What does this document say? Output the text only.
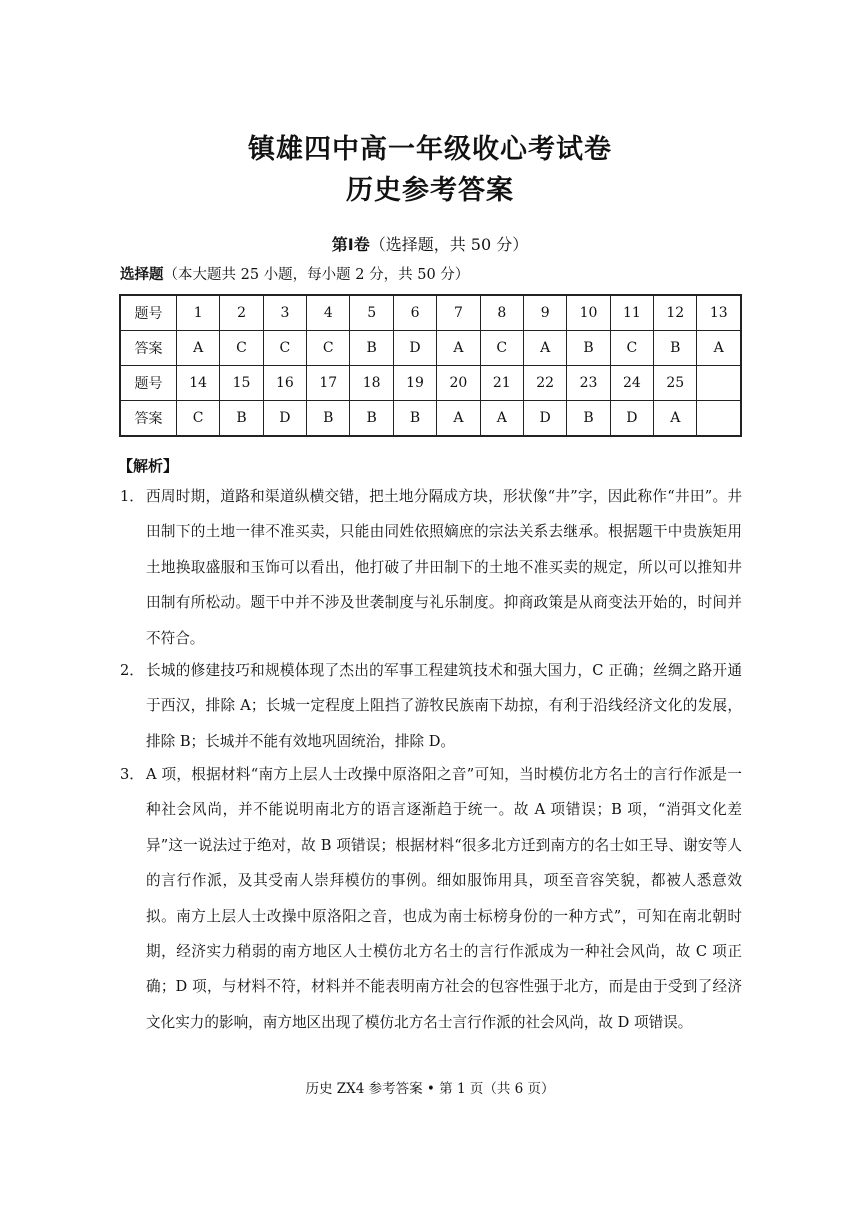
镇雄四中高一年级收心考试卷
历史参考答案
第Ⅰ卷（选择题，共 50 分）
选择题（本大题共 25 小题，每小题 2 分，共 50 分）
题号	1	2	3	4	5	6	7	8	9	10	11	12	13
答案	A	C	C	C	B	D	A	C	A	B	C	B	A
题号	14	15	16	17	18	19	20	21	22	23	24	25	
答案	C	B	D	B	B	B	A	A	D	B	D	A	
【解析】
1． 西周时期，道路和渠道纵横交错，把土地分隔成方块，形状像“井”字，因此称作“井田”。井田制下的土地一律不准买卖，只能由同姓依照嫡庶的宗法关系去继承。根据题干中贵族矩用土地换取盛服和玉饰可以看出，他打破了井田制下的土地不准买卖的规定，所以可以推知井田制有所松动。题干中并不涉及世袭制度与礼乐制度。抑商政策是从商变法开始的，时间并不符合。
2． 长城的修建技巧和规模体现了杰出的军事工程建筑技术和强大国力，C 正确；丝绸之路开通于西汉，排除 A；长城一定程度上阻挡了游牧民族南下劫掠，有利于沿线经济文化的发展，排除 B；长城并不能有效地巩固统治，排除 D。
3． A 项，根据材料“南方上层人士改操中原洛阳之音”可知，当时模仿北方名士的言行作派是一种社会风尚，并不能说明南北方的语言逐渐趋于统一。故 A 项错误；B 项，“消弭文化差异”这一说法过于绝对，故 B 项错误；根据材料“很多北方迁到南方的名士如王导、谢安等人的言行作派，及其受南人崇拜模仿的事例。细如服饰用具，项至音容笑貌，都被人悉意效拟。南方上层人士改操中原洛阳之音，也成为南士标榜身份的一种方式”，可知在南北朝时期，经济实力稍弱的南方地区人士模仿北方名士的言行作派成为一种社会风尚，故 C 项正确；D 项，与材料不符，材料并不能表明南方社会的包容性强于北方，而是由于受到了经济文化实力的影响，南方地区出现了模仿北方名士言行作派的社会风尚，故 D 项错误。
历史 ZX4 参考答案 • 第 1 页（共 6 页）
